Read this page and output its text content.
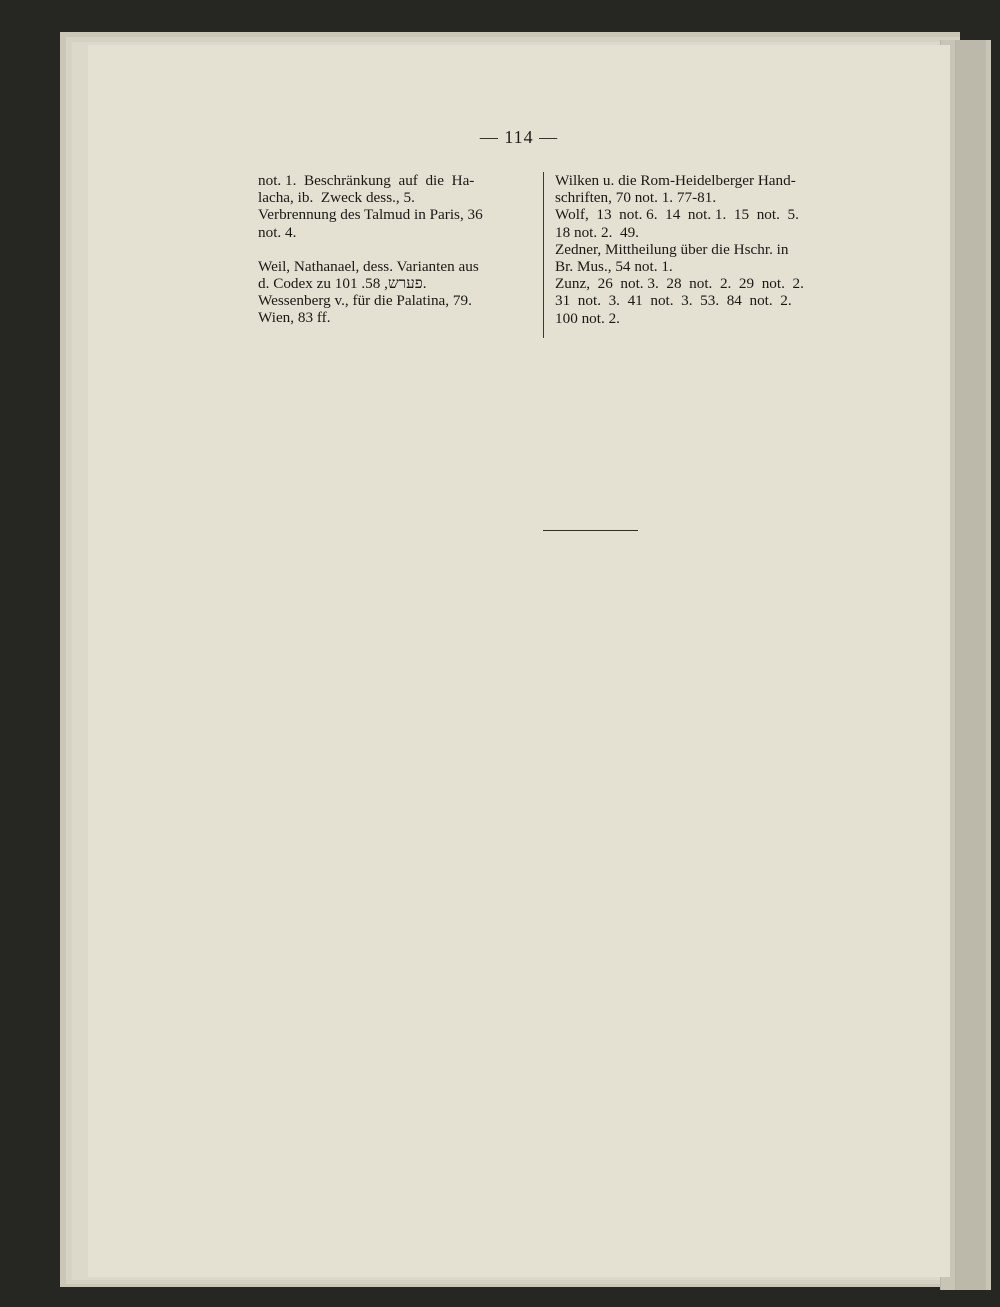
— 114 —
not. 1.  Beschränkung  auf  die  Ha-
lacha, ib.  Zweck dess., 5.
Verbrennung des Talmud in Paris, 36
not. 4.
Weil, Nathanael, dess. Varianten aus
d. Codex zu ‏פערש‏, 58. 101.
Wessenberg v., für die Palatina, 79.
Wien, 83 ff.
Wilken u. die Rom-Heidelberger Hand-
schriften, 70 not. 1. 77-81.
Wolf,  13  not. 6.  14  not. 1.  15  not.  5.
18 not. 2.  49.
Zedner, Mittheilung über die Hschr. in
Br. Mus., 54 not. 1.
Zunz,  26  not. 3.  28  not.  2.  29  not.  2.
31  not.  3.  41  not.  3.  53.  84  not.  2.
100 not. 2.
